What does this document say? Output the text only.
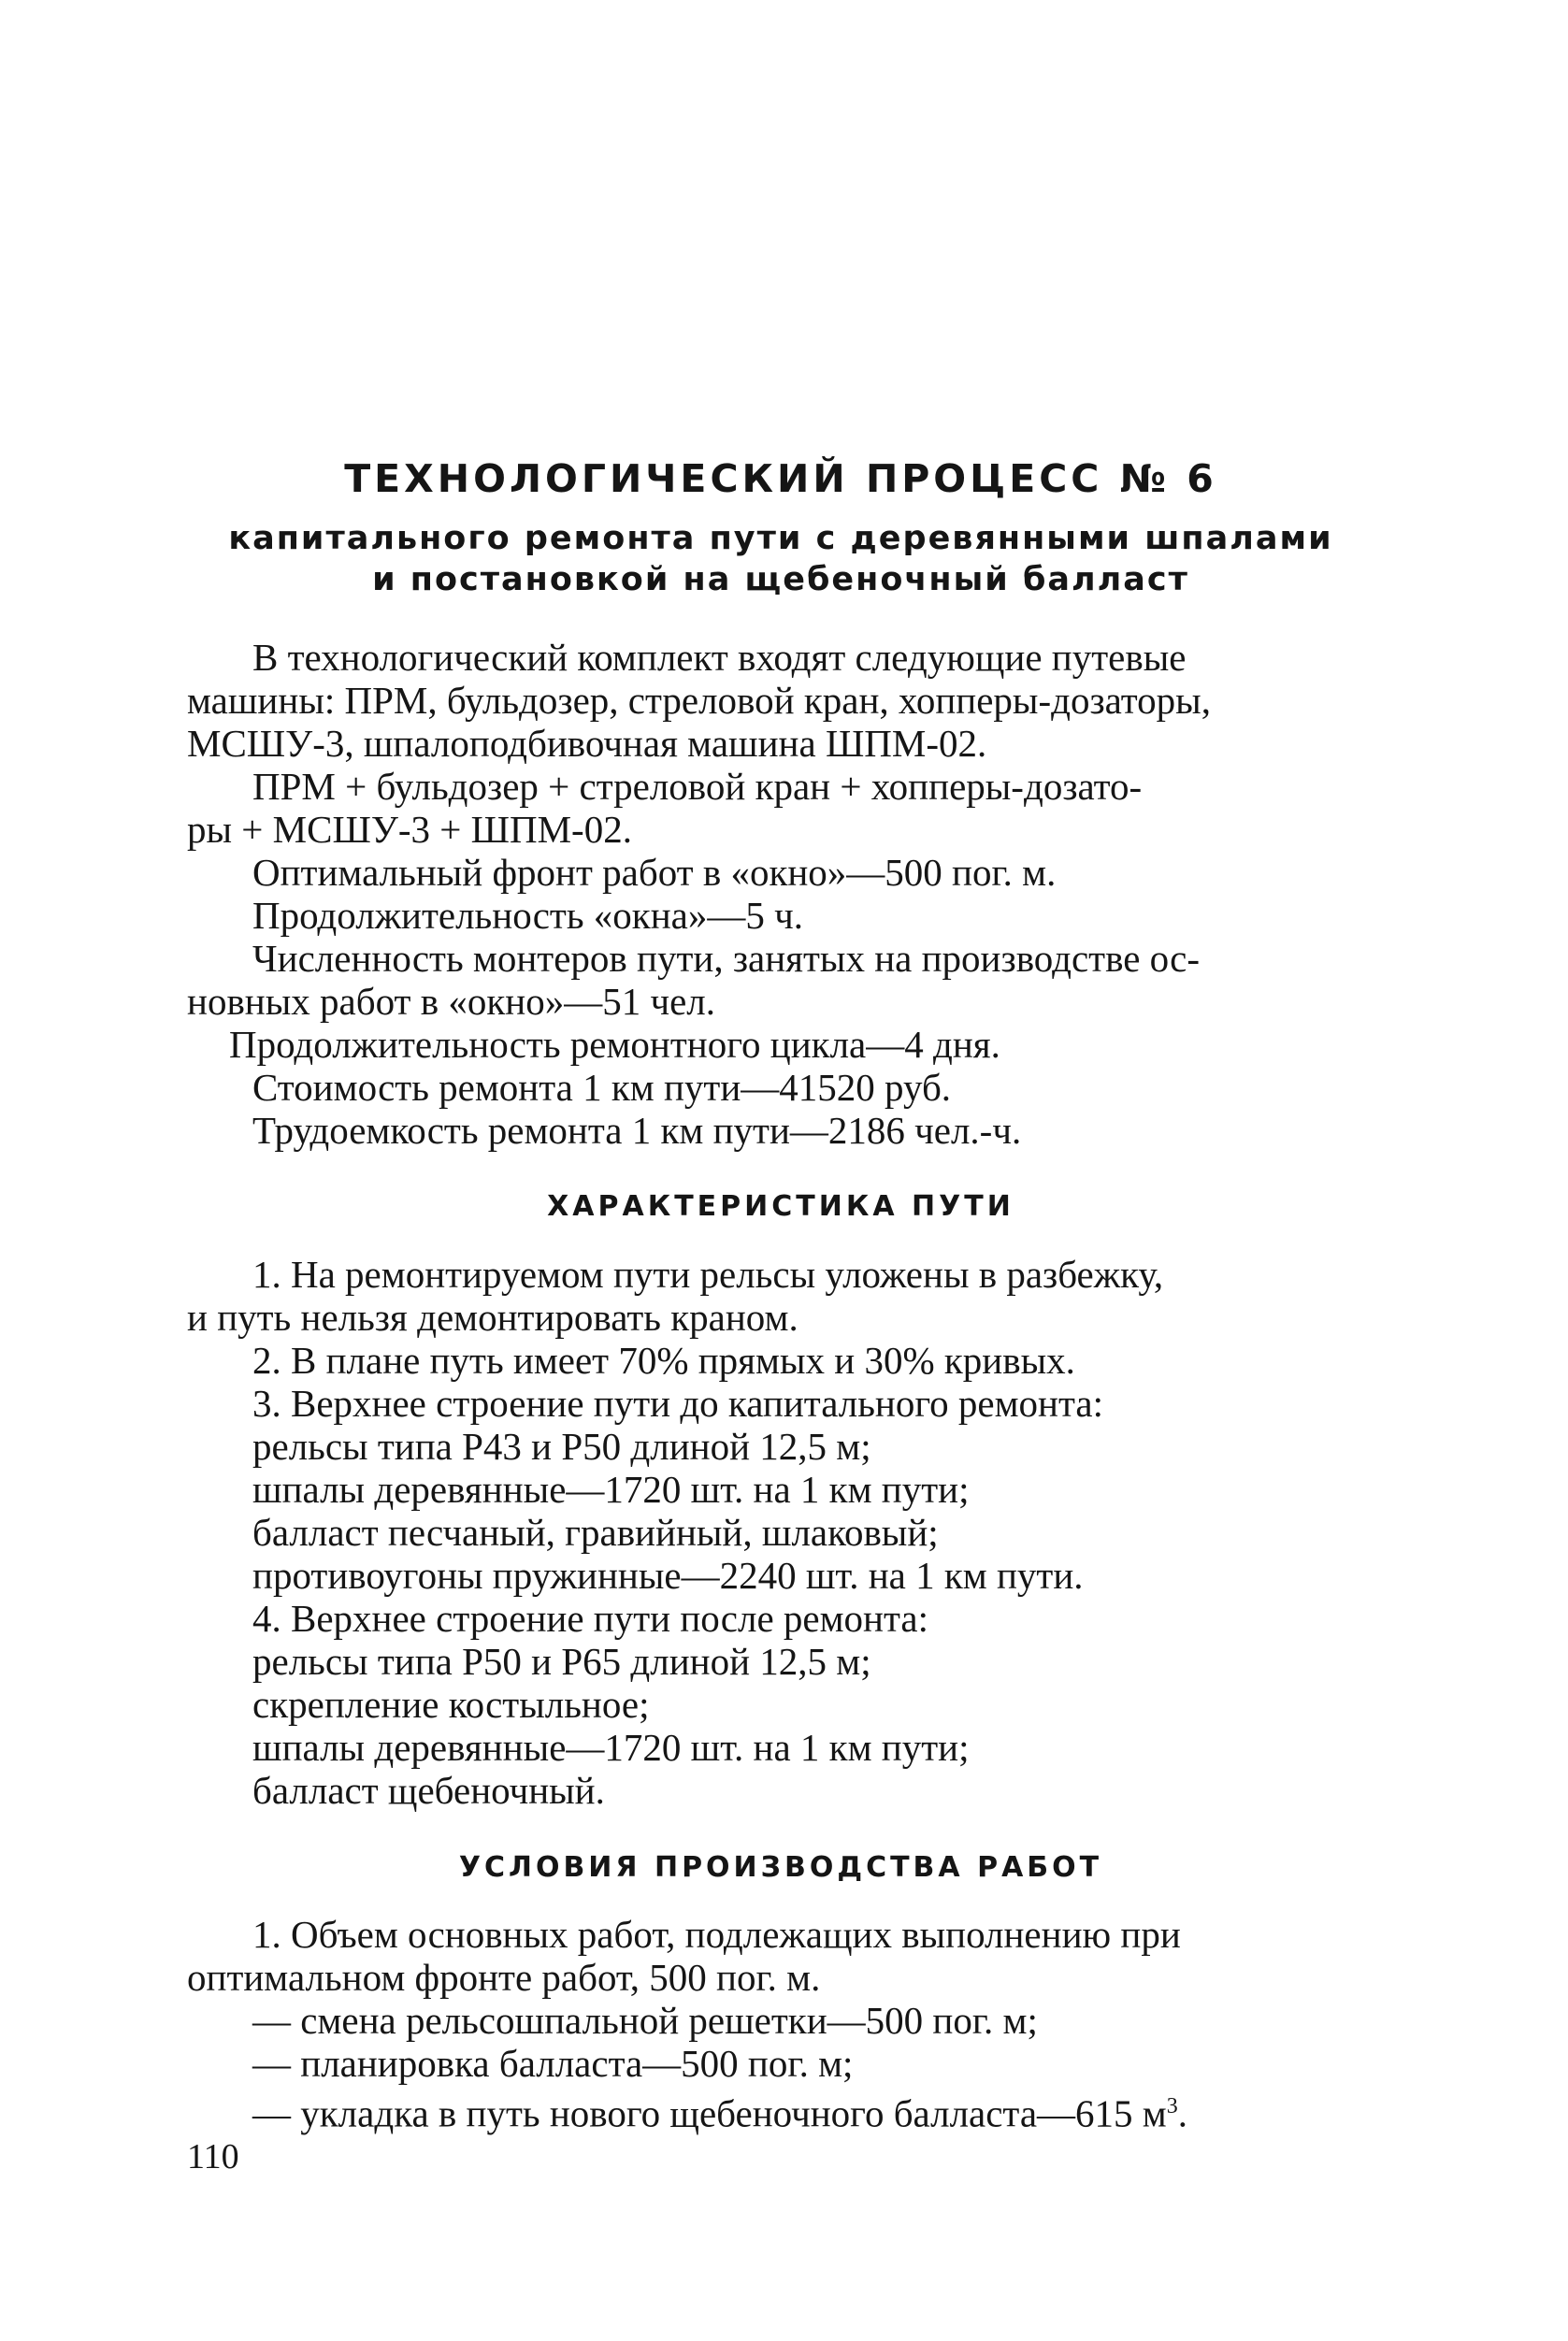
ТЕХНОЛОГИЧЕСКИЙ ПРОЦЕСС № 6
капитального ремонта пути с деревянными шпалами
и постановкой на щебеночный балласт
В технологический комплект входят следующие путевые
машины: ПРМ, бульдозер, стреловой кран, хопперы-дозаторы,
МСШУ-3, шпалоподбивочная машина ШПМ-02.
ПРМ + бульдозер + стреловой кран + хопперы-дозато-
ры + МСШУ-3 + ШПМ-02.
Оптимальный фронт работ в «окно»—500 пог. м.
Продолжительность «окна»—5 ч.
Численность монтеров пути, занятых на производстве ос-
новных работ в «окно»—51 чел.
Продолжительность ремонтного цикла—4 дня.
Стоимость ремонта 1 км пути—41520 руб.
Трудоемкость ремонта 1 км пути—2186 чел.-ч.
ХАРАКТЕРИСТИКА ПУТИ
1. На ремонтируемом пути рельсы уложены в разбежку,
и путь нельзя демонтировать краном.
2. В плане путь имеет 70% прямых и 30% кривых.
3. Верхнее строение пути до капитального ремонта:
рельсы типа Р43 и Р50 длиной 12,5 м;
шпалы деревянные—1720 шт. на 1 км пути;
балласт песчаный, гравийный, шлаковый;
противоугоны пружинные—2240 шт. на 1 км пути.
4. Верхнее строение пути после ремонта:
рельсы типа Р50 и Р65 длиной 12,5 м;
скрепление костыльное;
шпалы деревянные—1720 шт. на 1 км пути;
балласт щебеночный.
УСЛОВИЯ ПРОИЗВОДСТВА РАБОТ
1. Объем основных работ, подлежащих выполнению при
оптимальном фронте работ, 500 пог. м.
— смена рельсошпальной решетки—500 пог. м;
— планировка балласта—500 пог. м;
— укладка в путь нового щебеночного балласта—615 $м^3$.
110
